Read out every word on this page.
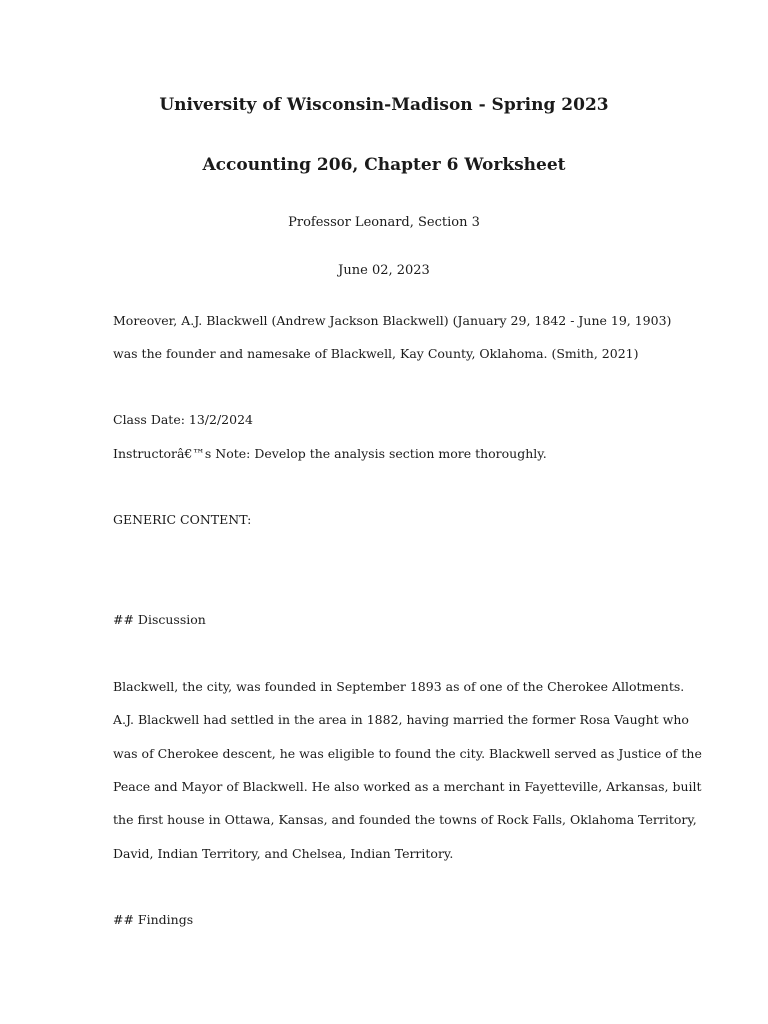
University of Wisconsin-Madison - Spring 2023
Accounting 206, Chapter 6 Worksheet
Professor Leonard, Section 3
June 02, 2023
Moreover, A.J. Blackwell (Andrew Jackson Blackwell) (January 29, 1842 - June 19, 1903)
was the founder and namesake of Blackwell, Kay County, Oklahoma. (Smith, 2021)
Class Date: 13/2/2024
Instructorâ€™s Note: Develop the analysis section more thoroughly.
GENERIC CONTENT:
## Discussion
Blackwell, the city, was founded in September 1893 as of one of the Cherokee Allotments.
A.J. Blackwell had settled in the area in 1882, having married the former Rosa Vaught who
was of Cherokee descent, he was eligible to found the city. Blackwell served as Justice of the
Peace and Mayor of Blackwell. He also worked as a merchant in Fayetteville, Arkansas, built
the first house in Ottawa, Kansas, and founded the towns of Rock Falls, Oklahoma Territory,
David, Indian Territory, and Chelsea, Indian Territory.
## Findings
